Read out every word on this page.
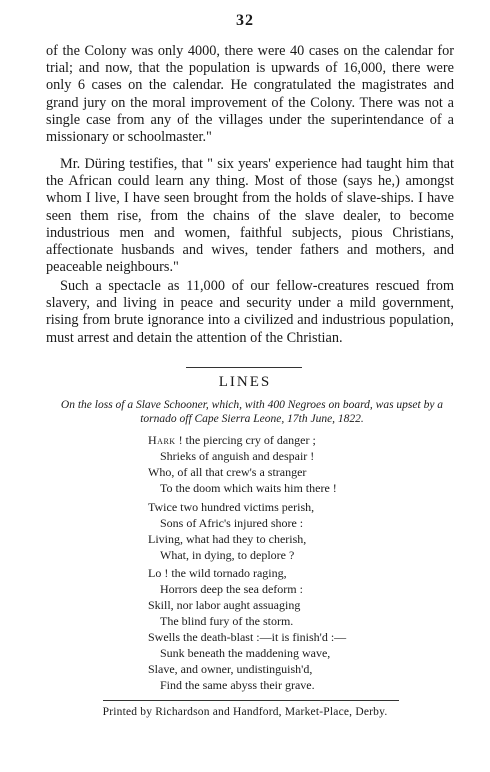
32

of the Colony was only 4000, there were 40 cases on the calendar for trial; and now, that the population is upwards of 16,000, there were only 6 cases on the calendar. He congratulated the magistrates and grand jury on the moral improvement of the Colony. There was not a single case from any of the villages under the superintendance of a missionary or schoolmaster."

Mr. Düring testifies, that " six years' experience had taught him that the African could learn any thing. Most of those (says he,) amongst whom I live, I have seen brought from the holds of slave-ships. I have seen them rise, from the chains of the slave dealer, to become industrious men and women, faithful subjects, pious Christians, affectionate husbands and wives, tender fathers and mothers, and peaceable neighbours."

Such a spectacle as 11,000 of our fellow-creatures rescued from slavery, and living in peace and security under a mild government, rising from brute ignorance into a civilized and industrious population, must arrest and detain the attention of the Christian.

LINES
On the loss of a Slave Schooner, which, with 400 Negroes on board, was upset by a tornado off Cape Sierra Leone, 17th June, 1822.
Hark ! the piercing cry of danger ;
Shrieks of anguish and despair !
Who, of all that crew's a stranger
To the doom which waits him there !
Twice two hundred victims perish,
Sons of Afric's injured shore :
Living, what had they to cherish,
What, in dying, to deplore ?
Lo ! the wild tornado raging,
Horrors deep the sea deform :
Skill, nor labor aught assuaging
The blind fury of the storm.
Swells the death-blast :—it is finish'd :—
Sunk beneath the maddening wave,
Slave, and owner, undistinguish'd,
Find the same abyss their grave.
Printed by Richardson and Handford, Market-Place, Derby.
